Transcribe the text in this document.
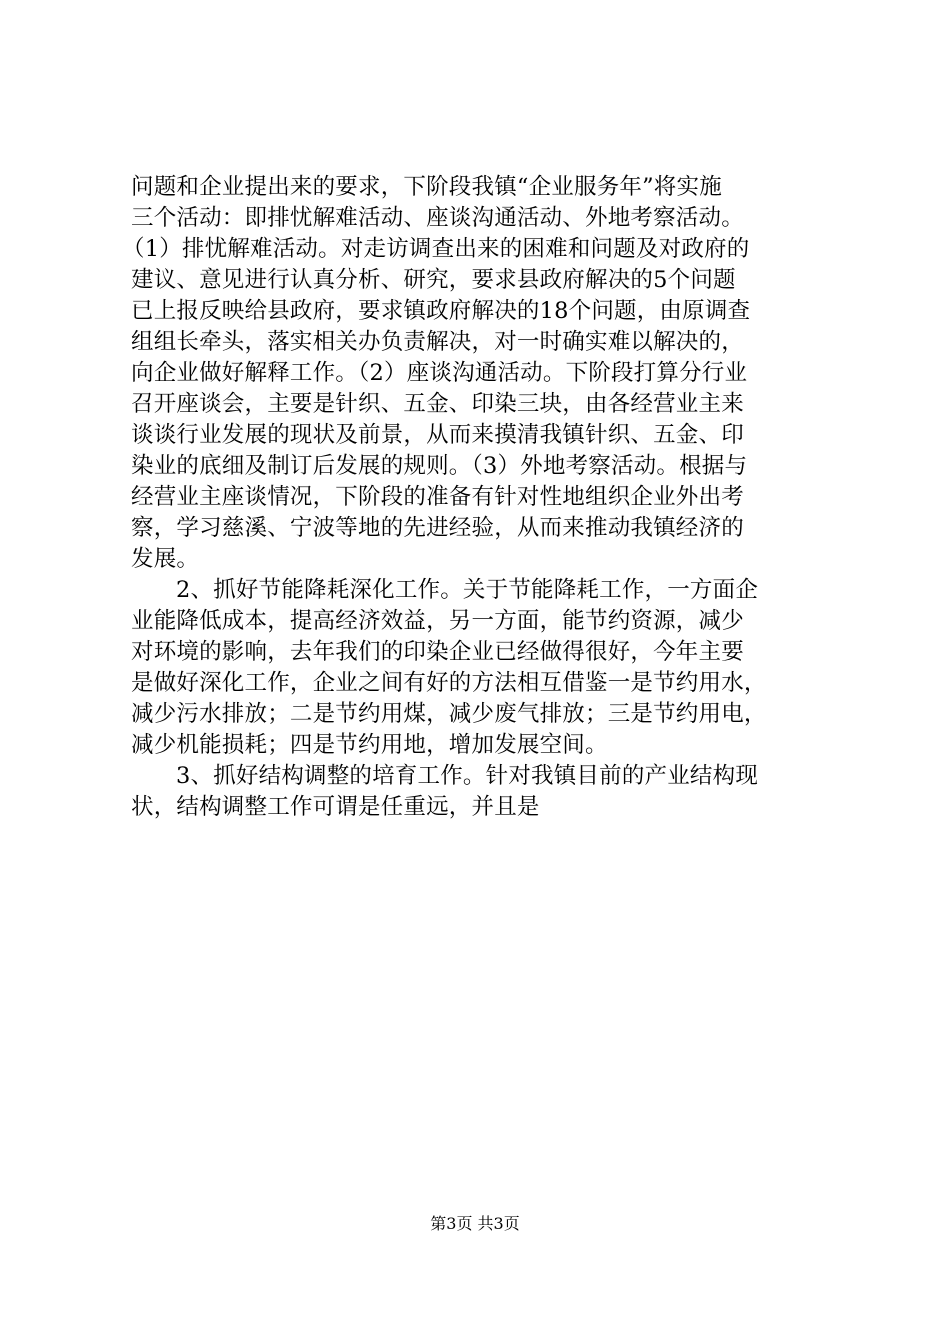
问题和企业提出来的要求，下阶段我镇“企业服务年”将实施
三个活动：即排忧解难活动、座谈沟通活动、外地考察活动。
（1）排忧解难活动。对走访调查出来的困难和问题及对政府的
建议、意见进行认真分析、研究，要求县政府解决的5个问题
已上报反映给县政府，要求镇政府解决的18个问题，由原调查
组组长牵头，落实相关办负责解决，对一时确实难以解决的，
向企业做好解释工作。（2）座谈沟通活动。下阶段打算分行业
召开座谈会，主要是针织、五金、印染三块，由各经营业主来
谈谈行业发展的现状及前景，从而来摸清我镇针织、五金、印
染业的底细及制订后发展的规则。（3）外地考察活动。根据与
经营业主座谈情况，下阶段的准备有针对性地组织企业外出考
察，学习慈溪、宁波等地的先进经验，从而来推动我镇经济的
发展。
2、抓好节能降耗深化工作。关于节能降耗工作，一方面企
业能降低成本，提高经济效益，另一方面，能节约资源，减少
对环境的影响，去年我们的印染企业已经做得很好，今年主要
是做好深化工作，企业之间有好的方法相互借鉴一是节约用水，
减少污水排放；二是节约用煤，减少废气排放；三是节约用电，
减少机能损耗；四是节约用地，增加发展空间。
3、抓好结构调整的培育工作。针对我镇目前的产业结构现
状，结构调整工作可谓是任重远，并且是
第3页 共3页
